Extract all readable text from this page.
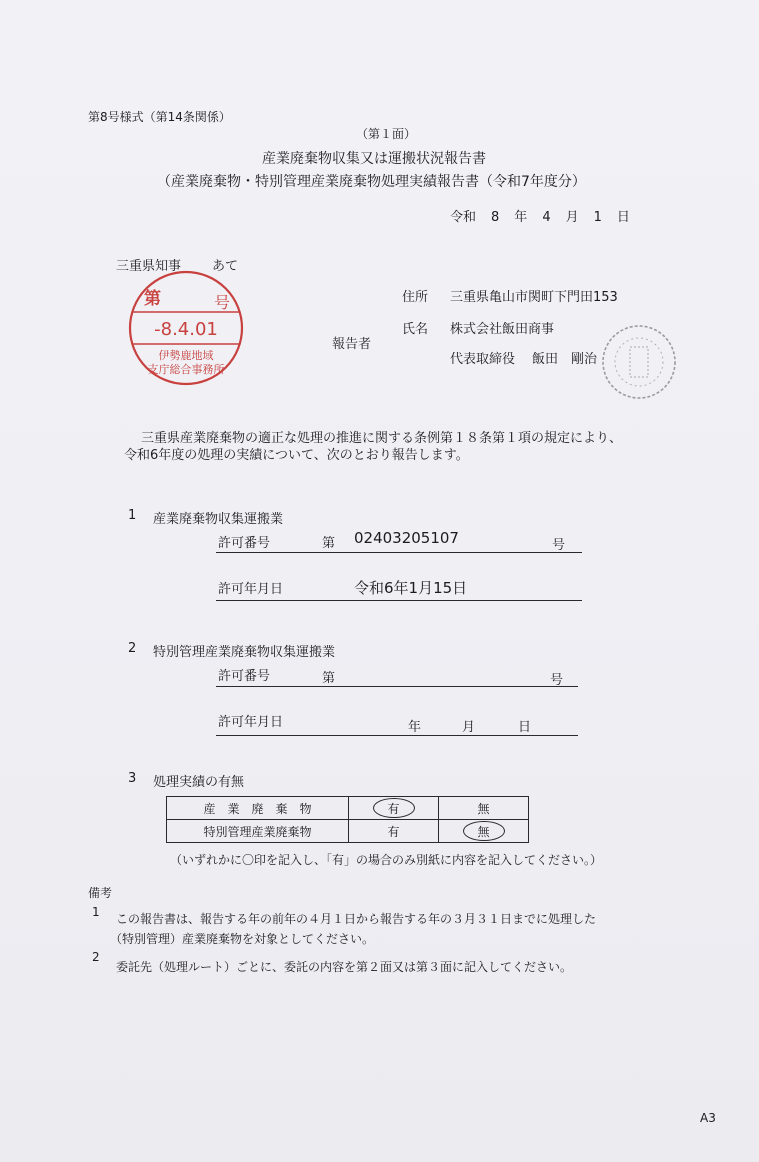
第8号様式（第14条関係）
（第１面）
産業廃棄物収集又は運搬状況報告書
（産業廃棄物・特別管理産業廃棄物処理実績報告書（令和7年度分）
令和 8 年 4 月 1 日
三重県知事 あて
第	号
-8.4.01
伊勢鹿地域
支庁総合事務所
報告者
住所 三重県亀山市関町下門田153
氏名 株式会社飯田商事
代表取締役 飯田　剛治
三重県産業廃棄物の適正な処理の推進に関する条例第１８条第１項の規定により、
令和6年度の処理の実績について、次のとおり報告します。
1 産業廃棄物収集運搬業
許可番号	第 02403205107	号
許可年月日	令和6年1月15日
2 特別管理産業廃棄物収集運搬業
許可番号	第	号
許可年月日	年	月	日
3 処理実績の有無
産　業　廃　棄　物	有	無
特別管理産業廃棄物	有	無
（いずれかに〇印を記入し、「有」の場合のみ別紙に内容を記入してください。）
備考
1 この報告書は、報告する年の前年の４月１日から報告する年の３月３１日までに処理した
（特別管理）産業廃棄物を対象としてください。
2
委託先（処理ルート）ごとに、委託の内容を第２面又は第３面に記入してください。
A3
